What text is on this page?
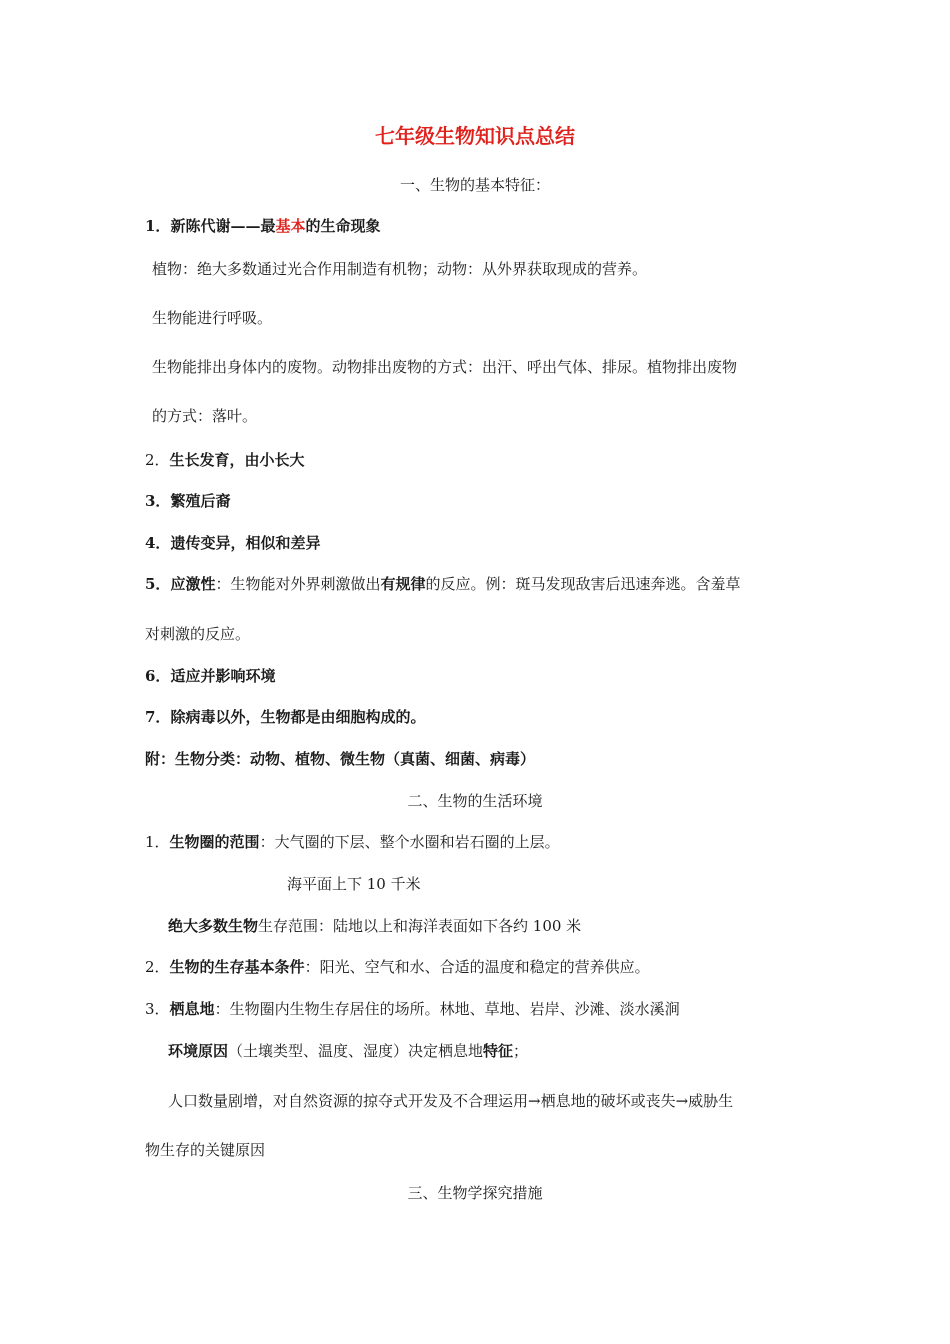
七年级生物知识点总结
一、生物的基本特征：
1．新陈代谢——最基本的生命现象
植物：绝大多数通过光合作用制造有机物；动物：从外界获取现成的营养。
生物能进行呼吸。
生物能排出身体内的废物。动物排出废物的方式：出汗、呼出气体、排尿。植物排出废物
的方式：落叶。
2．生长发育，由小长大
3．繁殖后裔
4．遗传变异，相似和差异
5．应激性：生物能对外界刺激做出有规律的反应。例：斑马发现敌害后迅速奔逃。含羞草
对刺激的反应。
6．适应并影响环境
7．除病毒以外，生物都是由细胞构成的。
附：生物分类：动物、植物、微生物（真菌、细菌、病毒）
二、生物的生活环境
1．生物圈的范围：大气圈的下层、整个水圈和岩石圈的上层。
海平面上下 10 千米
绝大多数生物生存范围：陆地以上和海洋表面如下各约 100 米
2．生物的生存基本条件：阳光、空气和水、合适的温度和稳定的营养供应。
3．栖息地：生物圈内生物生存居住的场所。林地、草地、岩岸、沙滩、淡水溪涧
环境原因（土壤类型、温度、湿度）决定栖息地特征；
人口数量剧增，对自然资源的掠夺式开发及不合理运用→栖息地的破坏或丧失→威胁生
物生存的关键原因
三、生物学探究措施
